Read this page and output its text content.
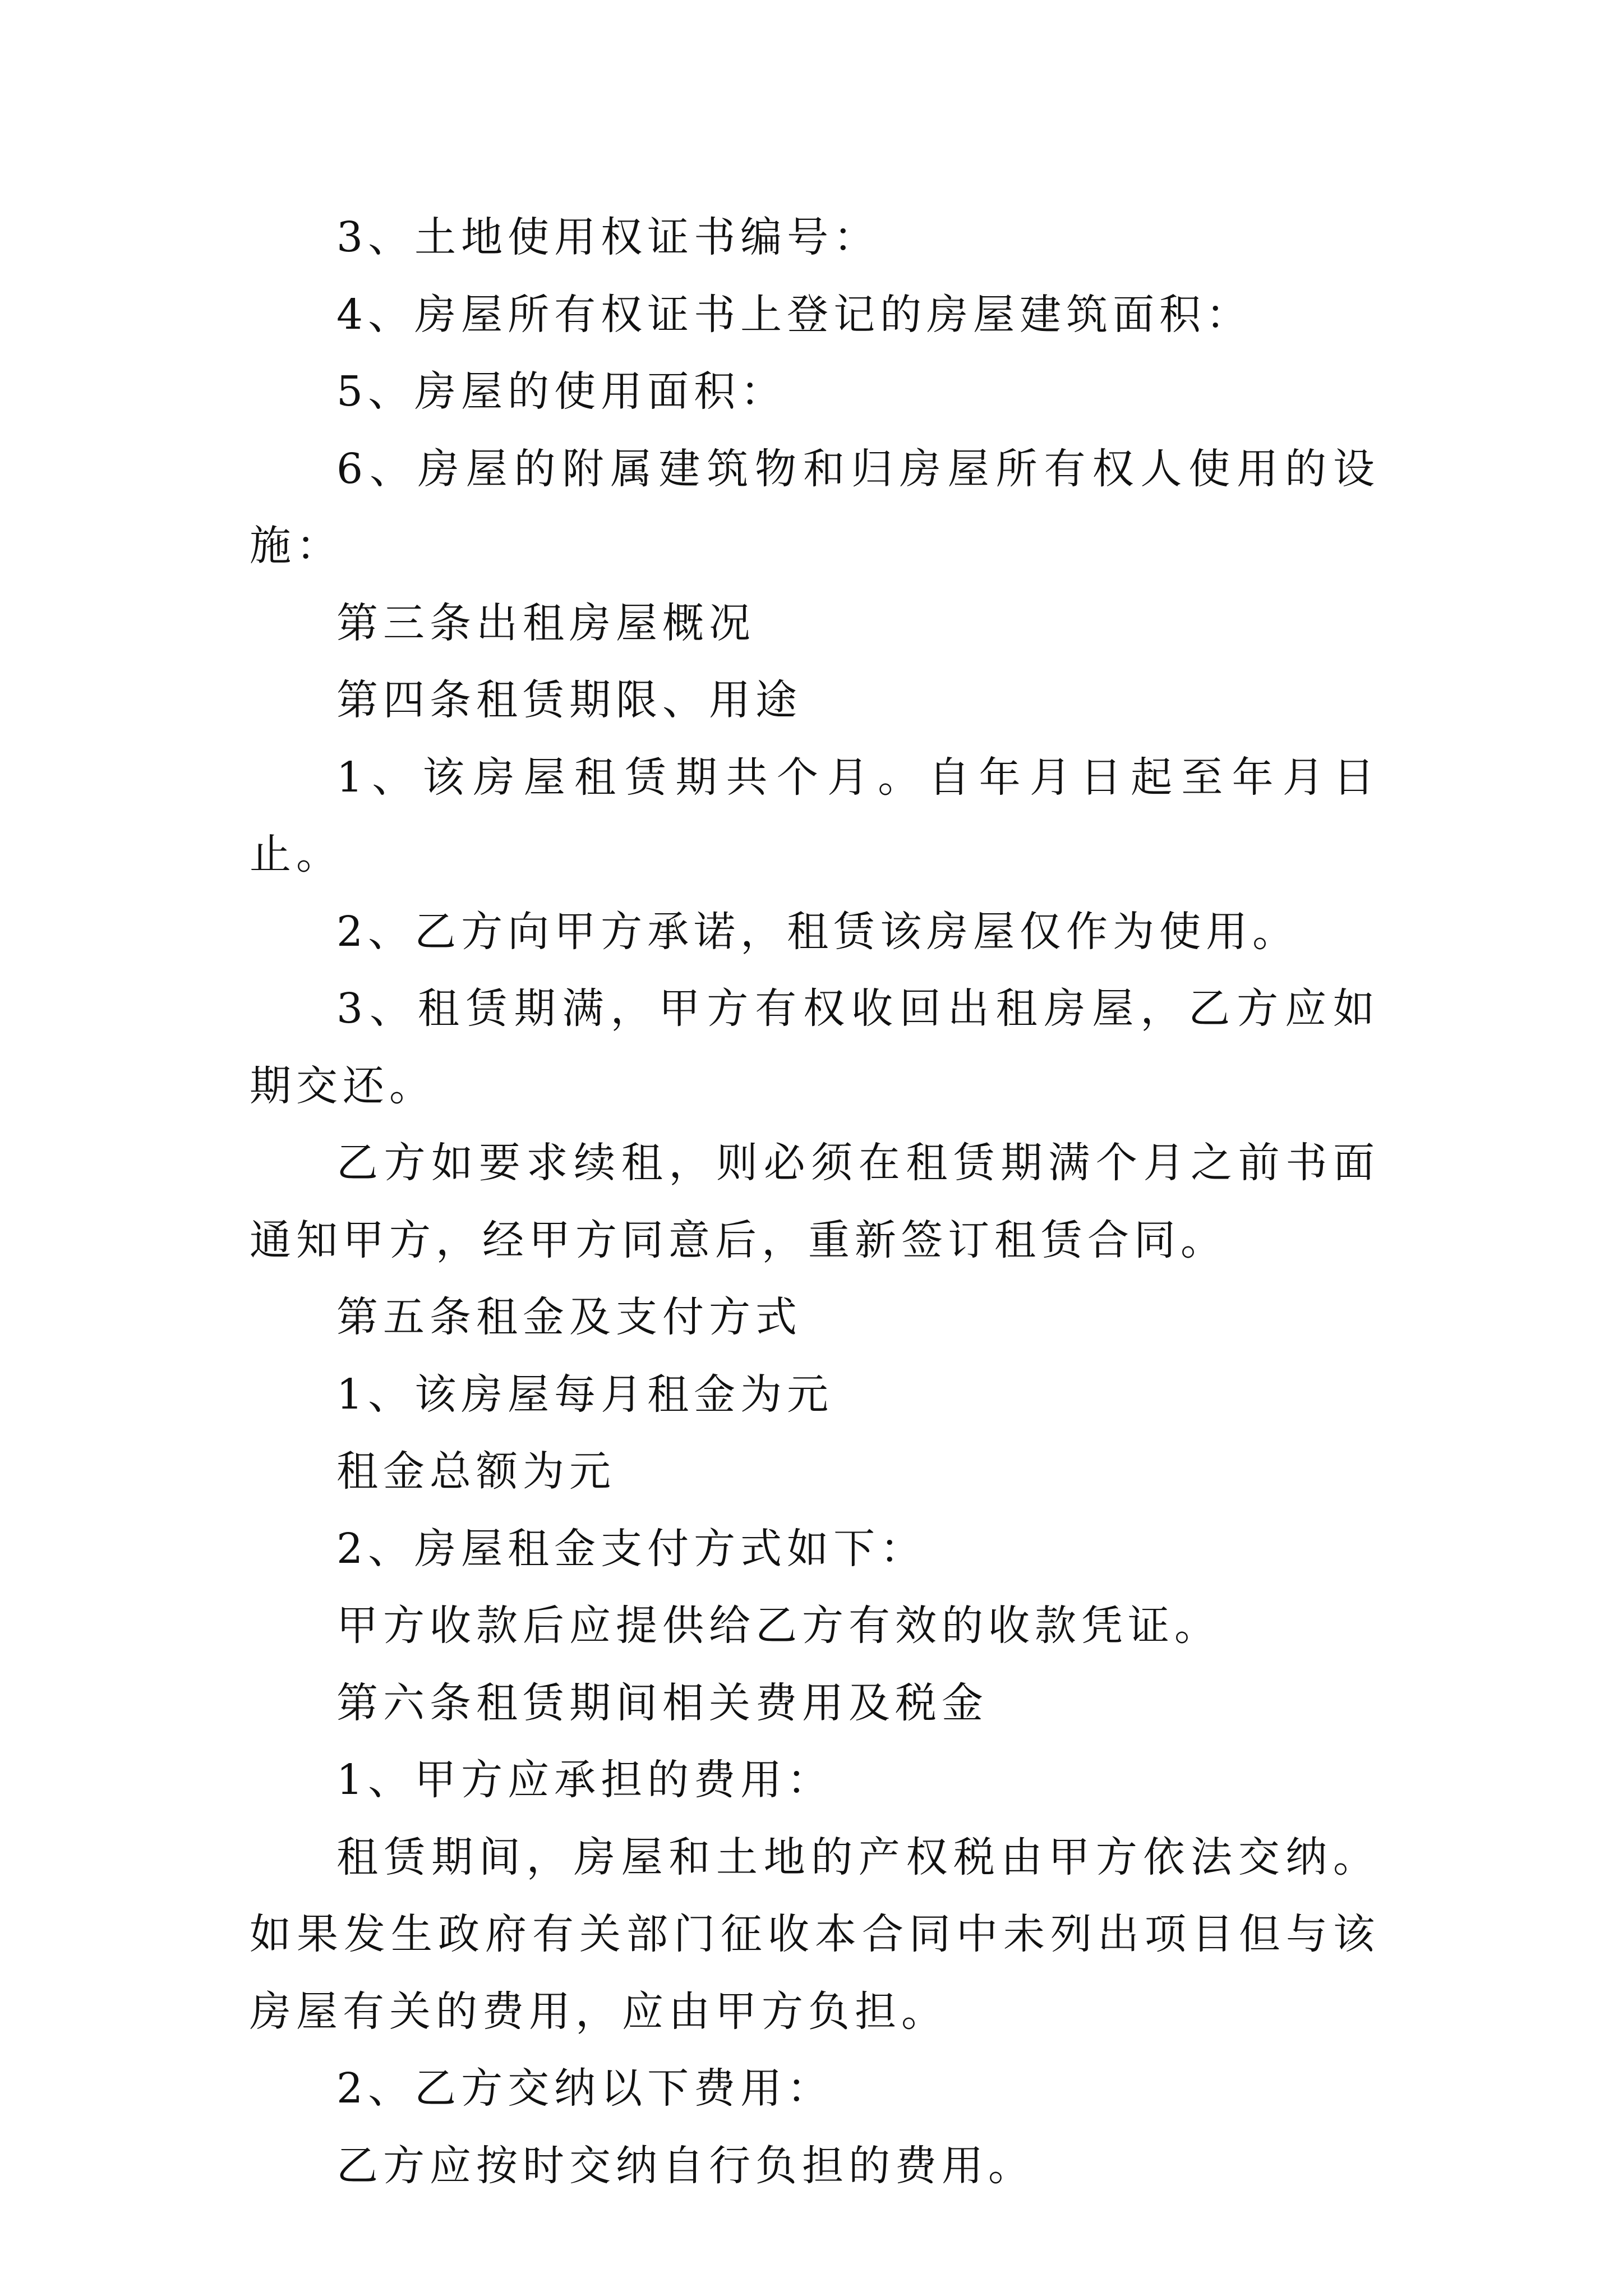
3、土地使用权证书编号：

4、房屋所有权证书上登记的房屋建筑面积：

5、房屋的使用面积：

6、房屋的附属建筑物和归房屋所有权人使用的设施：

第三条出租房屋概况

第四条租赁期限、用途

1、该房屋租赁期共个月。自年月日起至年月日止。

2、乙方向甲方承诺，租赁该房屋仅作为使用。

3、租赁期满，甲方有权收回出租房屋，乙方应如期交还。

乙方如要求续租，则必须在租赁期满个月之前书面通知甲方，经甲方同意后，重新签订租赁合同。

第五条租金及支付方式

1、该房屋每月租金为元

租金总额为元

2、房屋租金支付方式如下：

甲方收款后应提供给乙方有效的收款凭证。

第六条租赁期间相关费用及税金

1、甲方应承担的费用：

租赁期间，房屋和土地的产权税由甲方依法交纳。如果发生政府有关部门征收本合同中未列出项目但与该房屋有关的费用，应由甲方负担。

2、乙方交纳以下费用：

乙方应按时交纳自行负担的费用。
